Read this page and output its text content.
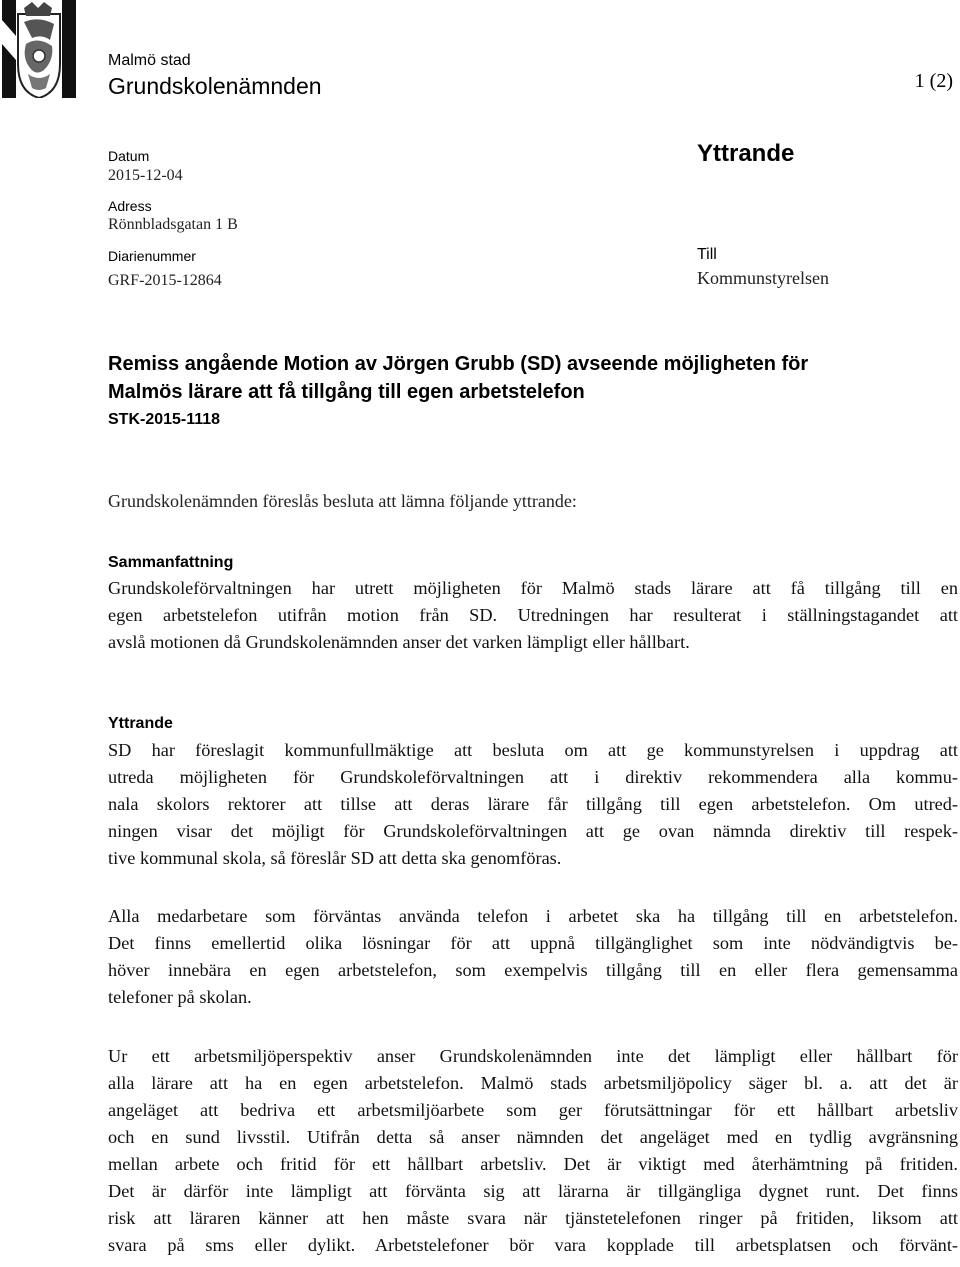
Malmö stad
Grundskolenämnden	1 (2)
Datum
2015-12-04
Adress
Rönnbladsgatan 1 B
Diarienummer
GRF-2015-12864
Yttrande
Till
Kommunstyrelsen
Remiss angående Motion av Jörgen Grubb (SD) avseende möjligheten för
Malmös lärare att få tillgång till egen arbetstelefon
STK-2015-1118
Grundskolenämnden föreslås besluta att lämna följande yttrande:
Sammanfattning

Grundskoleförvaltningen har utrett möjligheten för Malmö stads lärare att få tillgång till en
egen arbetstelefon utifrån motion från SD. Utredningen har resulterat i ställningstagandet att
avslå motionen då Grundskolenämnden anser det varken lämpligt eller hållbart.

Yttrande

SD har föreslagit kommunfullmäktige att besluta om att ge kommunstyrelsen i uppdrag att
utreda möjligheten för Grundskoleförvaltningen att i direktiv rekommendera alla kommu-
nala skolors rektorer att tillse att deras lärare får tillgång till egen arbetstelefon. Om utred-
ningen visar det möjligt för Grundskoleförvaltningen att ge ovan nämnda direktiv till respek-
tive kommunal skola, så föreslår SD att detta ska genomföras.

Alla medarbetare som förväntas använda telefon i arbetet ska ha tillgång till en arbetstelefon.
Det finns emellertid olika lösningar för att uppnå tillgänglighet som inte nödvändigtvis be-
höver innebära en egen arbetstelefon, som exempelvis tillgång till en eller flera gemensamma
telefoner på skolan.

Ur ett arbetsmiljöperspektiv anser Grundskolenämnden inte det lämpligt eller hållbart för
alla lärare att ha en egen arbetstelefon. Malmö stads arbetsmiljöpolicy säger bl. a. att det är
angeläget att bedriva ett arbetsmiljöarbete som ger förutsättningar för ett hållbart arbetsliv
och en sund livsstil. Utifrån detta så anser nämnden det angeläget med en tydlig avgränsning
mellan arbete och fritid för ett hållbart arbetsliv. Det är viktigt med återhämtning på fritiden.
Det är därför inte lämpligt att förvänta sig att lärarna är tillgängliga dygnet runt. Det finns
risk att läraren känner att hen måste svara när tjänstetelefonen ringer på fritiden, liksom att
svara på sms eller dylikt. Arbetstelefoner bör vara kopplade till arbetsplatsen och förvänt-
